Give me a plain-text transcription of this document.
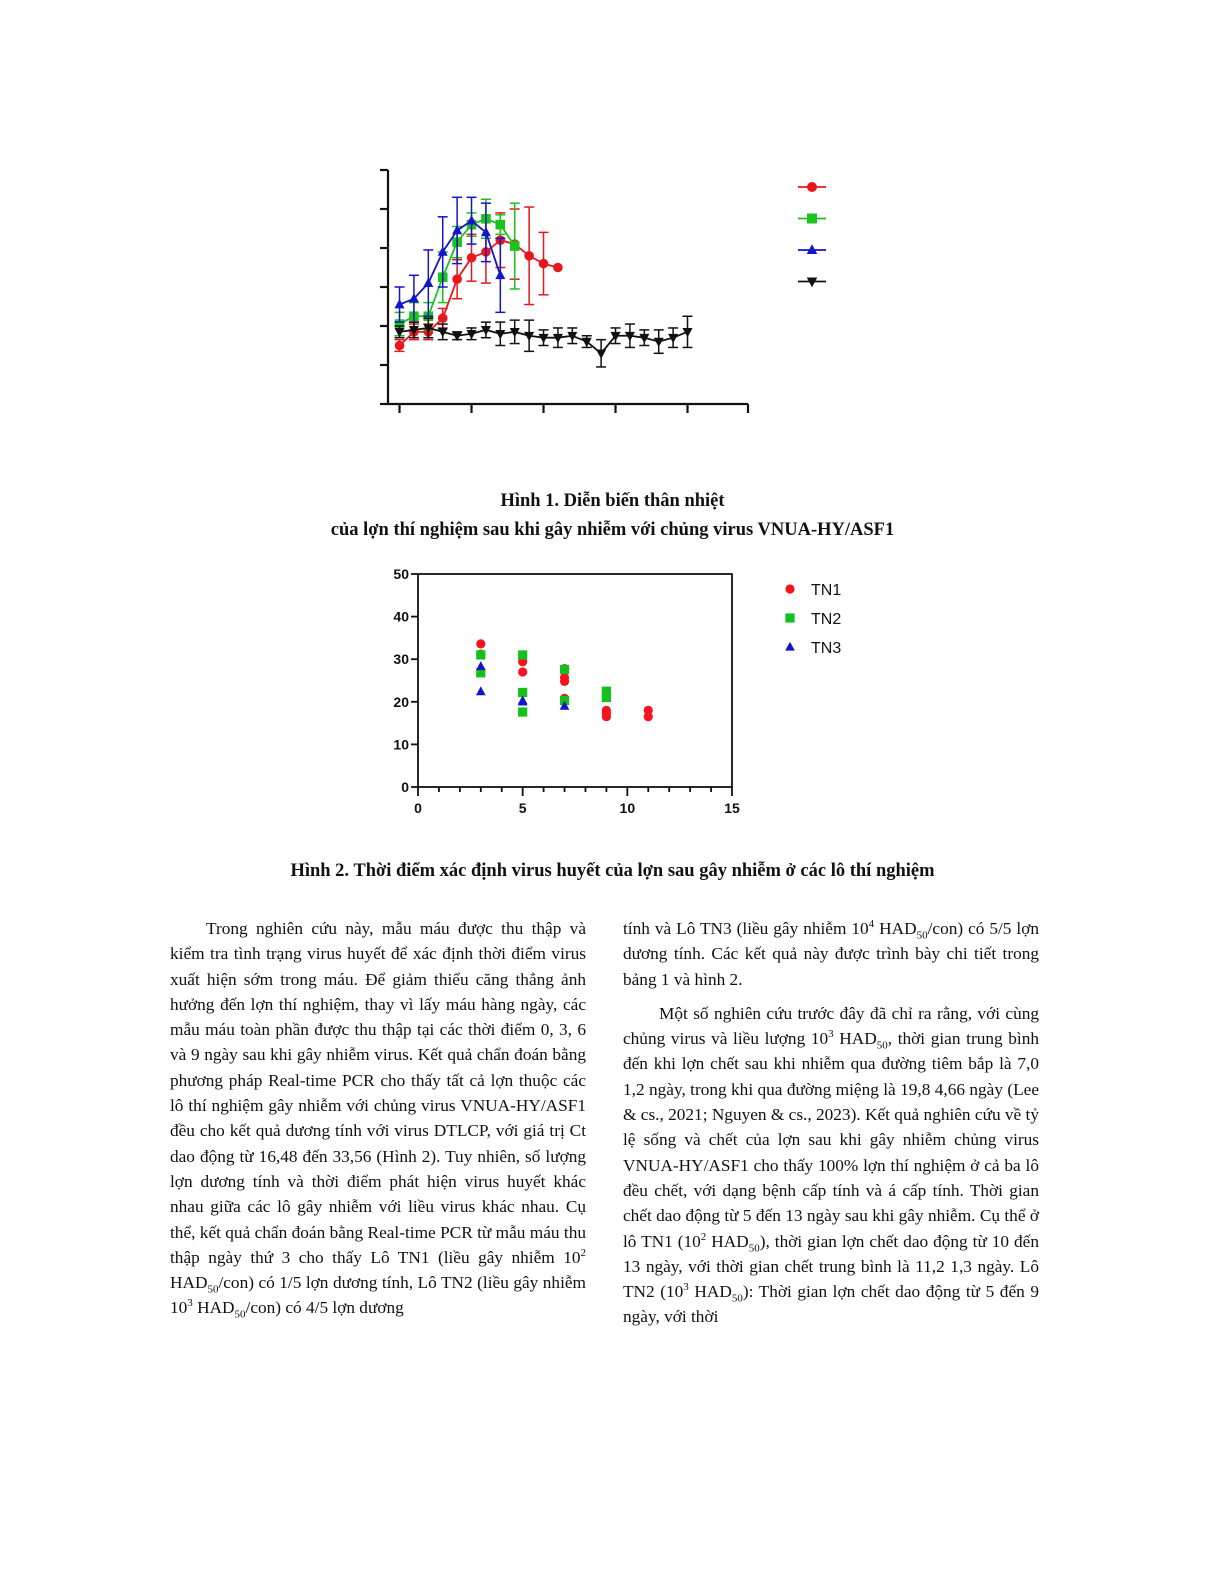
Hình 1. Diễn biến thân nhiệt
của lợn thí nghiệm sau khi gây nhiễm với chủng virus VNUA-HY/ASF1

0
10
20
30
40
50
0	5	10	15
TN1
TN2
TN3

Hình 2. Thời điểm xác định virus huyết của lợn sau gây nhiễm ở các lô thí nghiệm

Trong nghiên cứu này, mẫu máu được thu thập và kiểm tra tình trạng virus huyết để xác định thời điểm virus xuất hiện sớm trong máu. Để giảm thiểu căng thẳng ảnh hưởng đến lợn thí nghiệm, thay vì lấy máu hàng ngày, các mẫu máu toàn phần được thu thập tại các thời điểm 0, 3, 6 và 9 ngày sau khi gây nhiễm virus. Kết quả chẩn đoán bằng phương pháp Real-time PCR cho thấy tất cả lợn thuộc các lô thí nghiệm gây nhiễm với chủng virus VNUA-HY/ASF1 đều cho kết quả dương tính với virus DTLCP, với giá trị Ct dao động từ 16,48 đến 33,56 (Hình 2). Tuy nhiên, số lượng lợn dương tính và thời điểm phát hiện virus huyết khác nhau giữa các lô gây nhiễm với liều virus khác nhau. Cụ thể, kết quả chẩn đoán bằng Real-time PCR từ mẫu máu thu thập ngày thứ 3 cho thấy Lô TN1 (liều gây nhiễm $10^2$ $HAD_{50}/con$) có 1/5 lợn dương tính, Lô TN2 (liều gây nhiễm $10^3$ $HAD_{50}/con$) có 4/5 lợn dương

tính và Lô TN3 (liều gây nhiễm $10^4$ $HAD_{50}/con$) có 5/5 lợn dương tính. Các kết quả này được trình bày chi tiết trong bảng 1 và hình 2.

Một số nghiên cứu trước đây đã chỉ ra rằng, với cùng chủng virus và liều lượng $10^3$ $HAD_{50}$, thời gian trung bình đến khi lợn chết sau khi nhiễm qua đường tiêm bắp là 7,0 1,2 ngày, trong khi qua đường miệng là 19,8 4,66 ngày (Lee & cs., 2021; Nguyen & cs., 2023). Kết quả nghiên cứu về tỷ lệ sống và chết của lợn sau khi gây nhiễm chủng virus VNUA-HY/ASF1 cho thấy 100% lợn thí nghiệm ở cả ba lô đều chết, với dạng bệnh cấp tính và á cấp tính. Thời gian chết dao động từ 5 đến 13 ngày sau khi gây nhiễm. Cụ thể ở lô TN1 ($10^2$ $HAD_{50}$), thời gian lợn chết dao động từ 10 đến 13 ngày, với thời gian chết trung bình là 11,2 1,3 ngày. Lô TN2 ($10^3$ $HAD_{50}$): Thời gian lợn chết dao động từ 5 đến 9 ngày, với thời
